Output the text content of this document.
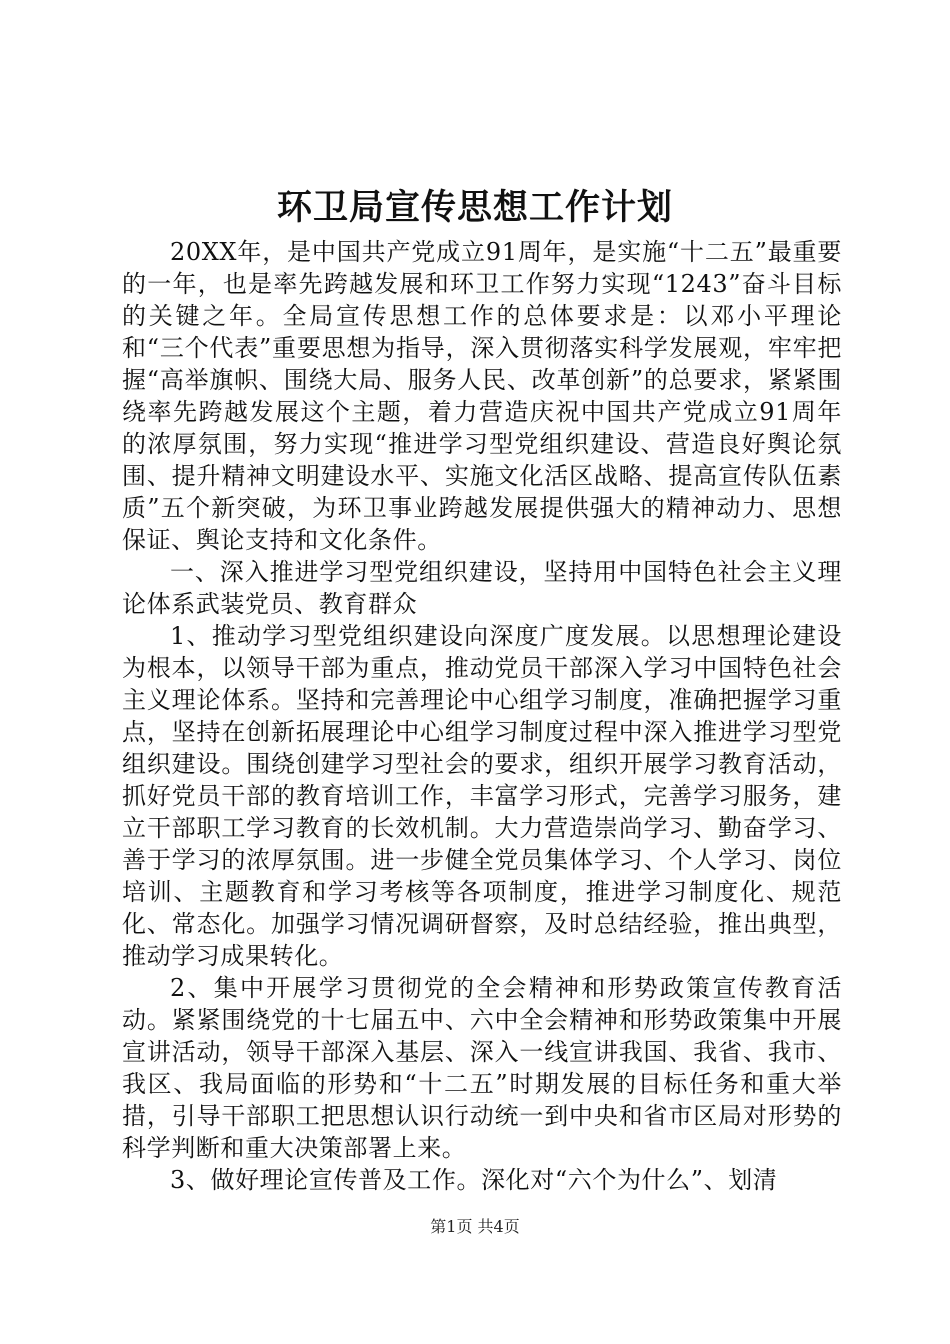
环卫局宣传思想工作计划

20XX年，是中国共产党成立91周年，是实施“十二五”最重要的一年，也是率先跨越发展和环卫工作努力实现“1243”奋斗目标的关键之年。全局宣传思想工作的总体要求是：以邓小平理论和“三个代表”重要思想为指导，深入贯彻落实科学发展观，牢牢把握“高举旗帜、围绕大局、服务人民、改革创新”的总要求，紧紧围绕率先跨越发展这个主题，着力营造庆祝中国共产党成立91周年的浓厚氛围，努力实现“推进学习型党组织建设、营造良好舆论氛围、提升精神文明建设水平、实施文化活区战略、提高宣传队伍素质”五个新突破，为环卫事业跨越发展提供强大的精神动力、思想保证、舆论支持和文化条件。

一、深入推进学习型党组织建设，坚持用中国特色社会主义理论体系武装党员、教育群众

1、推动学习型党组织建设向深度广度发展。以思想理论建设为根本，以领导干部为重点，推动党员干部深入学习中国特色社会主义理论体系。坚持和完善理论中心组学习制度，准确把握学习重点，坚持在创新拓展理论中心组学习制度过程中深入推进学习型党组织建设。围绕创建学习型社会的要求，组织开展学习教育活动，抓好党员干部的教育培训工作，丰富学习形式，完善学习服务，建立干部职工学习教育的长效机制。大力营造崇尚学习、勤奋学习、善于学习的浓厚氛围。进一步健全党员集体学习、个人学习、岗位培训、主题教育和学习考核等各项制度，推进学习制度化、规范化、常态化。加强学习情况调研督察，及时总结经验，推出典型，推动学习成果转化。

2、集中开展学习贯彻党的全会精神和形势政策宣传教育活动。紧紧围绕党的十七届五中、六中全会精神和形势政策集中开展宣讲活动，领导干部深入基层、深入一线宣讲我国、我省、我市、我区、我局面临的形势和“十二五”时期发展的目标任务和重大举措，引导干部职工把思想认识行动统一到中央和省市区局对形势的科学判断和重大决策部署上来。

3、做好理论宣传普及工作。深化对“六个为什么”、划清

第1页 共4页
